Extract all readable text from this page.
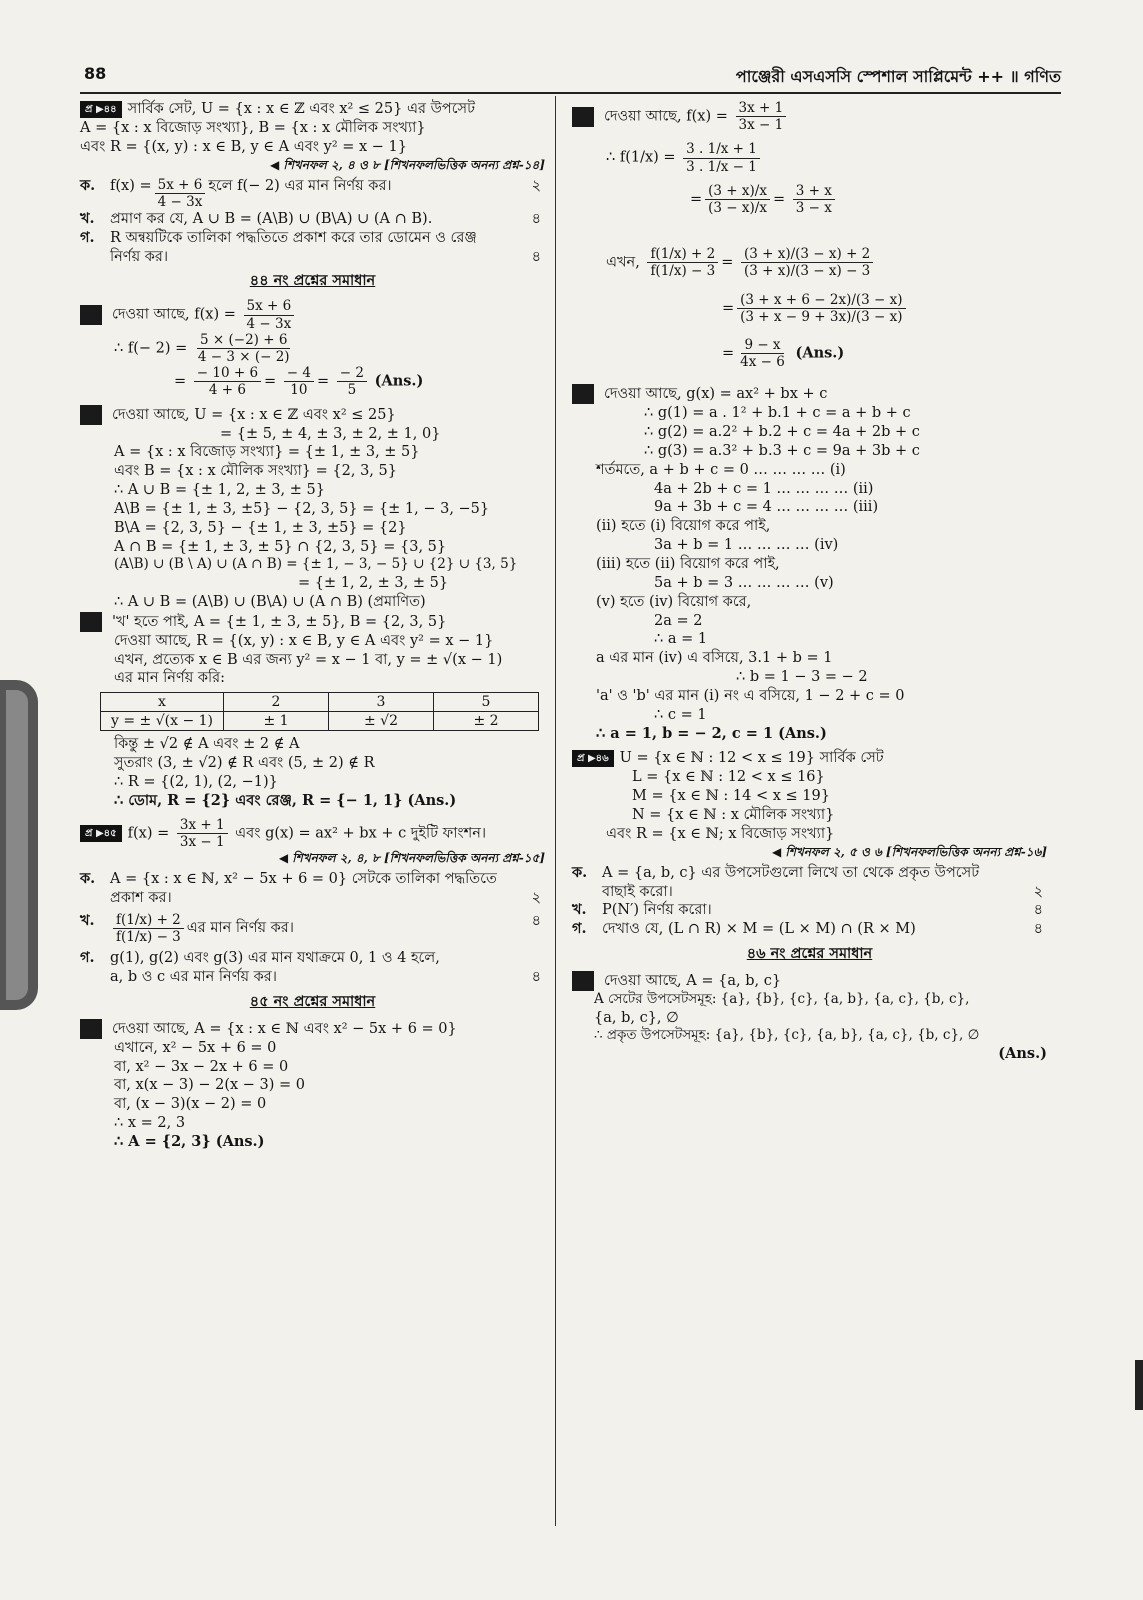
88	পাঞ্জেরী এসএসসি স্পেশাল সাপ্লিমেন্ট ++ ॥ গণিত
প্র ▶৪৪ সার্বিক সেট, U = {x : x ∈ ℤ এবং x² ≤ 25} এর উপসেট
A = {x : x বিজোড় সংখ্যা}, B = {x : x মৌলিক সংখ্যা}
এবং R = {(x, y) : x ∈ B, y ∈ A এবং y² = x − 1}
◀ শিখনফল ২, ৪ ও ৮ [শিখনফলভিত্তিক অনন্য প্রশ্ন-১৪]
ক.	$f(x) = \frac{5x + 6}{4 - 3x}$ হলে f(− 2) এর মান নির্ণয় কর।	২
খ.	প্রমাণ কর যে, A ∪ B = (A\B) ∪ (B\A) ∪ (A ∩ B).	৪
গ.	R অন্বয়টিকে তালিকা পদ্ধতিতে প্রকাশ করে তার ডোমেন ও রেঞ্জ
নির্ণয় কর।	৪
৪৪ নং প্রশ্নের সমাধান
দেওয়া আছে, $f(x) = \frac{5x + 6}{4 - 3x}$
∴ $f(- 2) = \frac{5 \times (-2) + 6}{4 - 3 \times (- 2)}$
= $\frac{- 10 + 6}{4 + 6} = \frac{- 4}{10} = \frac{- 2}{5} (Ans.)$
দেওয়া আছে, U = {x : x ∈ ℤ এবং x² ≤ 25}
= {± 5, ± 4, ± 3, ± 2, ± 1, 0}
A = {x : x বিজোড় সংখ্যা} = {± 1, ± 3, ± 5}
এবং B = {x : x মৌলিক সংখ্যা} = {2, 3, 5}
∴ A ∪ B = {± 1, 2, ± 3, ± 5}
A\B = {± 1, ± 3, ±5} − {2, 3, 5} = {± 1, − 3, −5}
B\A = {2, 3, 5} − {± 1, ± 3, ±5} = {2}
A ∩ B = {± 1, ± 3, ± 5} ∩ {2, 3, 5} = {3, 5}
(A\B) ∪ (B \ A) ∪ (A ∩ B) = {± 1, − 3, − 5} ∪ {2} ∪ {3, 5}
= {± 1, 2, ± 3, ± 5}
∴ A ∪ B = (A\B) ∪ (B\A) ∪ (A ∩ B) (প্রমাণিত)
'খ' হতে পাই, A = {± 1, ± 3, ± 5}, B = {2, 3, 5}
দেওয়া আছে, R = {(x, y) : x ∈ B, y ∈ A এবং y² = x − 1}
এখন, প্রত্যেক x ∈ B এর জন্য y² = x − 1 বা, y = ± √(x − 1)
এর মান নির্ণয় করি:
x	2	3	5
y = ± √(x − 1)	± 1	± √2	± 2
কিন্তু ± √2 ∉ A এবং ± 2 ∉ A
সুতরাং (3, ± √2) ∉ R এবং (5, ± 2) ∉ R
∴ R = {(2, 1), (2, −1)}
∴ ডোম, R = {2} এবং রেঞ্জ, R = {− 1, 1} (Ans.)
প্র ▶৪৫ $f(x) = \frac{3x + 1}{3x - 1}$ এবং g(x) = ax² + bx + c দুইটি ফাংশন।
◀ শিখনফল ২, ৪, ৮ [শিখনফলভিত্তিক অনন্য প্রশ্ন-১৫]
ক.	A = {x : x ∈ ℕ, x² − 5x + 6 = 0} সেটকে তালিকা পদ্ধতিতে
প্রকাশ কর।	২
খ.	$\frac{f(1/x) + 2}{f(1/x) - 3}$ এর মান নির্ণয় কর।	৪
গ.	g(1), g(2) এবং g(3) এর মান যথাক্রমে 0, 1 ও 4 হলে,
a, b ও c এর মান নির্ণয় কর।	৪
৪৫ নং প্রশ্নের সমাধান
দেওয়া আছে, A = {x : x ∈ ℕ এবং x² − 5x + 6 = 0}
এখানে, x² − 5x + 6 = 0
বা, x² − 3x − 2x + 6 = 0
বা, x(x − 3) − 2(x − 3) = 0
বা, (x − 3)(x − 2) = 0
∴ x = 2, 3
∴ A = {2, 3} (Ans.)
দেওয়া আছে, $f(x) = \frac{3x + 1}{3x - 1}$
∴ $f(1/x) = \frac{3 . 1/x + 1}{3 . 1/x - 1}$
= $\frac{(3 + x)/x}{(3 - x)/x} = \frac{3 + x}{3 - x}$
এখন, $\frac{f(1/x) + 2}{f(1/x) - 3} = \frac{(3 + x)/(3 - x) + 2}{(3 + x)/(3 - x) - 3}$
= $\frac{(3 + x + 6 - 2x)/(3 - x)}{(3 + x - 9 + 3x)/(3 - x)}$
= $\frac{9 - x}{4x - 6} (Ans.)$
দেওয়া আছে, g(x) = ax² + bx + c
∴ g(1) = a . 1² + b.1 + c = a + b + c
∴ g(2) = a.2² + b.2 + c = 4a + 2b + c
∴ g(3) = a.3² + b.3 + c = 9a + 3b + c
শর্তমতে, a + b + c = 0 … … … … (i)
4a + 2b + c = 1 … … … … (ii)
9a + 3b + c = 4 … … … … (iii)
(ii) হতে (i) বিয়োগ করে পাই,
3a + b = 1 … … … … (iv)
(iii) হতে (ii) বিয়োগ করে পাই,
5a + b = 3 … … … … (v)
(v) হতে (iv) বিয়োগ করে,
2a = 2
∴ a = 1
a এর মান (iv) এ বসিয়ে, 3.1 + b = 1
∴ b = 1 − 3 = − 2
'a' ও 'b' এর মান (i) নং এ বসিয়ে, 1 − 2 + c = 0
∴ c = 1
∴ a = 1, b = − 2, c = 1 (Ans.)
প্র ▶৪৬ U = {x ∈ ℕ : 12 < x ≤ 19} সার্বিক সেট
L = {x ∈ ℕ : 12 < x ≤ 16}
M = {x ∈ ℕ : 14 < x ≤ 19}
N = {x ∈ ℕ : x মৌলিক সংখ্যা}
এবং R = {x ∈ ℕ; x বিজোড় সংখ্যা}
◀ শিখনফল ২, ৫ ও ৬ [শিখনফলভিত্তিক অনন্য প্রশ্ন-১৬]
ক.	A = {a, b, c} এর উপসেটগুলো লিখে তা থেকে প্রকৃত উপসেট
বাছাই করো।	২
খ.	P(N′) নির্ণয় করো।	৪
গ.	দেখাও যে, (L ∩ R) × M = (L × M) ∩ (R × M)	৪
৪৬ নং প্রশ্নের সমাধান
দেওয়া আছে, A = {a, b, c}
A সেটের উপসেটসমূহ: {a}, {b}, {c}, {a, b}, {a, c}, {b, c},
{a, b, c}, ∅
∴ প্রকৃত উপসেটসমূহ: {a}, {b}, {c}, {a, b}, {a, c}, {b, c}, ∅
(Ans.)
